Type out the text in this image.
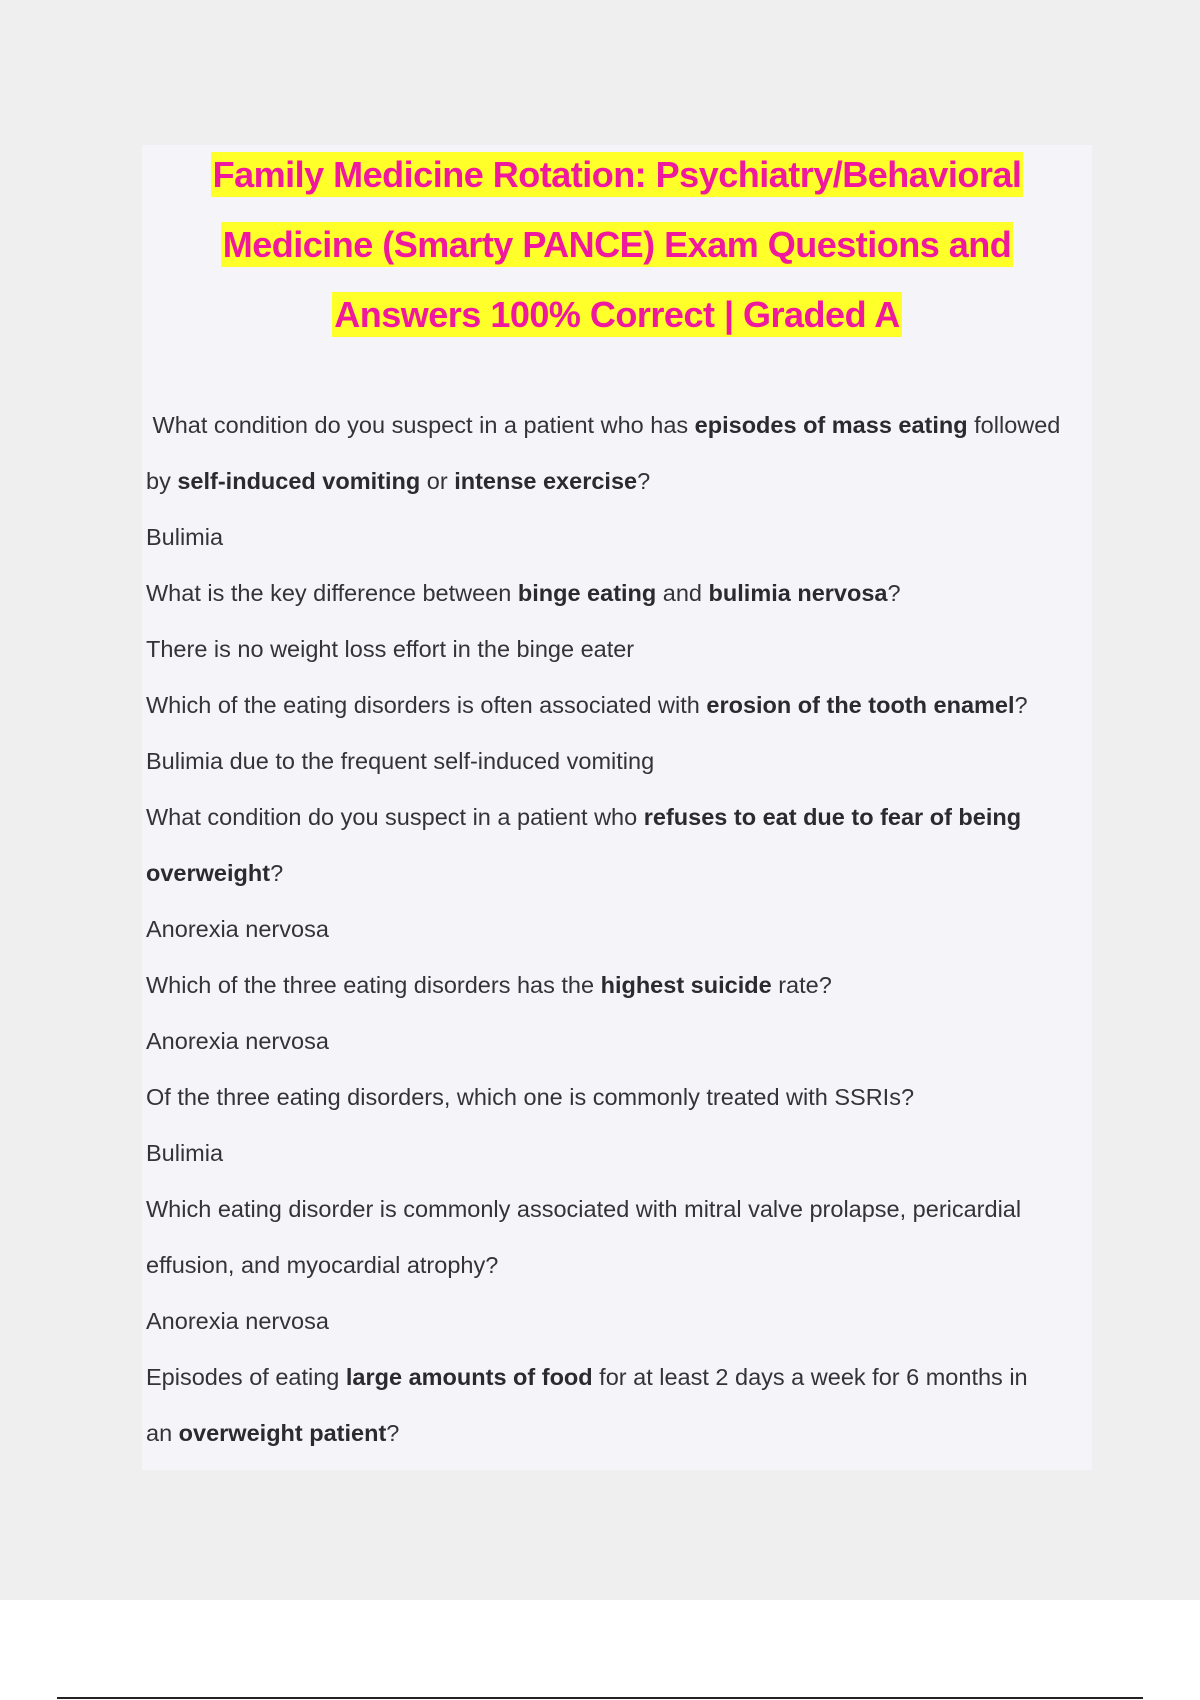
Family Medicine Rotation: Psychiatry/Behavioral
Medicine (Smarty PANCE) Exam Questions and
Answers 100% Correct | Graded A
What condition do you suspect in a patient who has episodes of mass eating followed
by self-induced vomiting or intense exercise?
Bulimia
What is the key difference between binge eating and bulimia nervosa?
There is no weight loss effort in the binge eater
Which of the eating disorders is often associated with erosion of the tooth enamel?
Bulimia due to the frequent self-induced vomiting
What condition do you suspect in a patient who refuses to eat due to fear of being
overweight?
Anorexia nervosa
Which of the three eating disorders has the highest suicide rate?
Anorexia nervosa
Of the three eating disorders, which one is commonly treated with SSRIs?
Bulimia
Which eating disorder is commonly associated with mitral valve prolapse, pericardial
effusion, and myocardial atrophy?
Anorexia nervosa
Episodes of eating large amounts of food for at least 2 days a week for 6 months in
an overweight patient?
